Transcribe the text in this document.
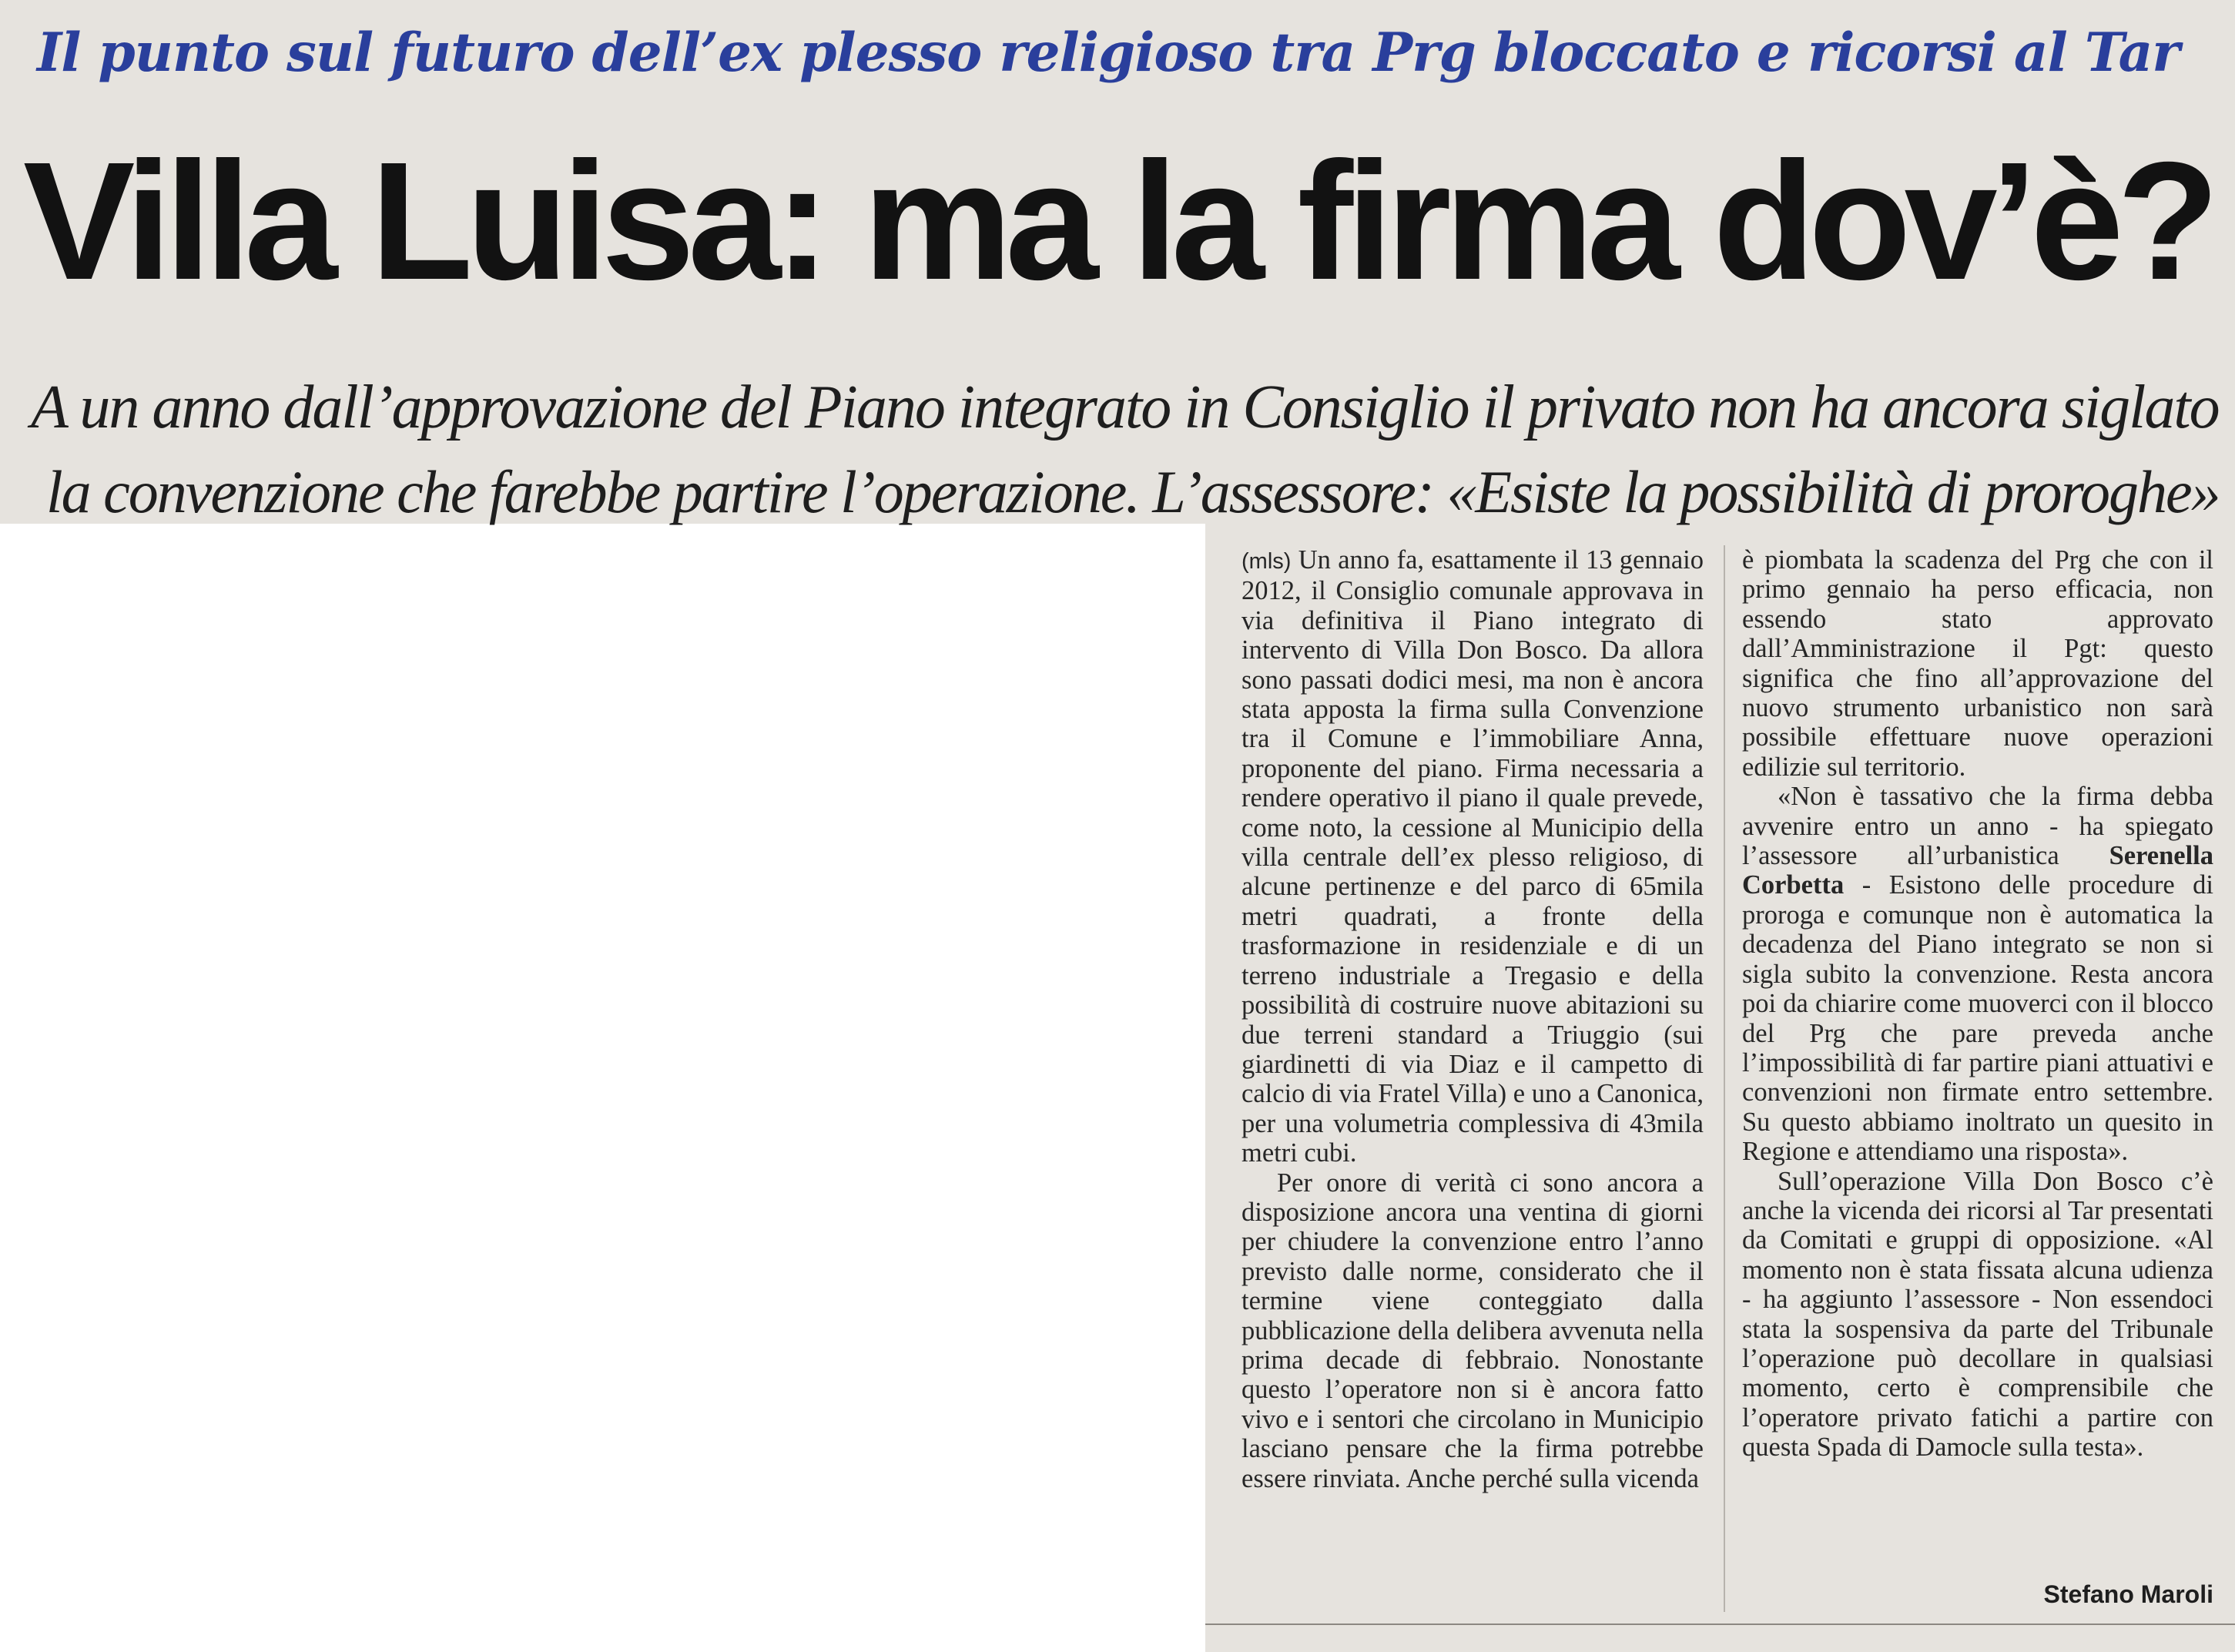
Il punto sul futuro dell’ex plesso religioso tra Prg bloccato e ricorsi al Tar
Villa Luisa: ma la firma dov’è?
A un anno dall’approvazione del Piano integrato in Consiglio il privato non ha ancora siglato
la convenzione che farebbe partire l’operazione. L’assessore: «Esiste la possibilità di proroghe»

(mls) Un anno fa, esattamente il 13 gennaio 2012, il Consiglio comunale approvava in via definitiva il Piano integrato di intervento di Villa Don Bosco. Da allora sono passati dodici mesi, ma non è ancora stata apposta la firma sulla Convenzione tra il Comune e l’immobiliare Anna, proponente del piano. Firma necessaria a rendere operativo il piano il quale prevede, come noto, la cessione al Municipio della villa centrale dell’ex plesso religioso, di alcune pertinenze e del parco di 65mila metri quadrati, a fronte della trasformazione in residenziale e di un terreno industriale a Tregasio e della possibilità di costruire nuove abitazioni su due terreni standard a Triuggio (sui giardinetti di via Diaz e il campetto di calcio di via Fratel Villa) e uno a Canonica, per una volumetria complessiva di 43mila metri cubi.

Per onore di verità ci sono ancora a disposizione ancora una ventina di giorni per chiudere la convenzione entro l’anno previsto dalle norme, considerato che il termine viene conteggiato dalla pubblicazione della delibera avvenuta nella prima decade di febbraio. Nonostante questo l’operatore non si è ancora fatto vivo e i sentori che circolano in Municipio lasciano pensare che la firma potrebbe essere rinviata. Anche perché sulla vicenda

è piombata la scadenza del Prg che con il primo gennaio ha perso efficacia, non essendo stato approvato dall’Amministrazione il Pgt: questo significa che fino all’approvazione del nuovo strumento urbanistico non sarà possibile effettuare nuove operazioni edilizie sul territorio.

«Non è tassativo che la firma debba avvenire entro un anno - ha spiegato l’assessore all’urbanistica Serenella Corbetta - Esistono delle procedure di proroga e comunque non è automatica la decadenza del Piano integrato se non si sigla subito la convenzione. Resta ancora poi da chiarire come muoverci con il blocco del Prg che pare preveda anche l’impossibilità di far partire piani attuativi e convenzioni non firmate entro settembre. Su questo abbiamo inoltrato un quesito in Regione e attendiamo una risposta».

Sull’operazione Villa Don Bosco c’è anche la vicenda dei ricorsi al Tar presentati da Comitati e gruppi di opposizione. «Al momento non è stata fissata alcuna udienza - ha aggiunto l’assessore - Non essendoci stata la sospensiva da parte del Tribunale l’operazione può decollare in qualsiasi momento, certo è comprensibile che l’operatore privato fatichi a partire con questa Spada di Damocle sulla testa».

Stefano Maroli
